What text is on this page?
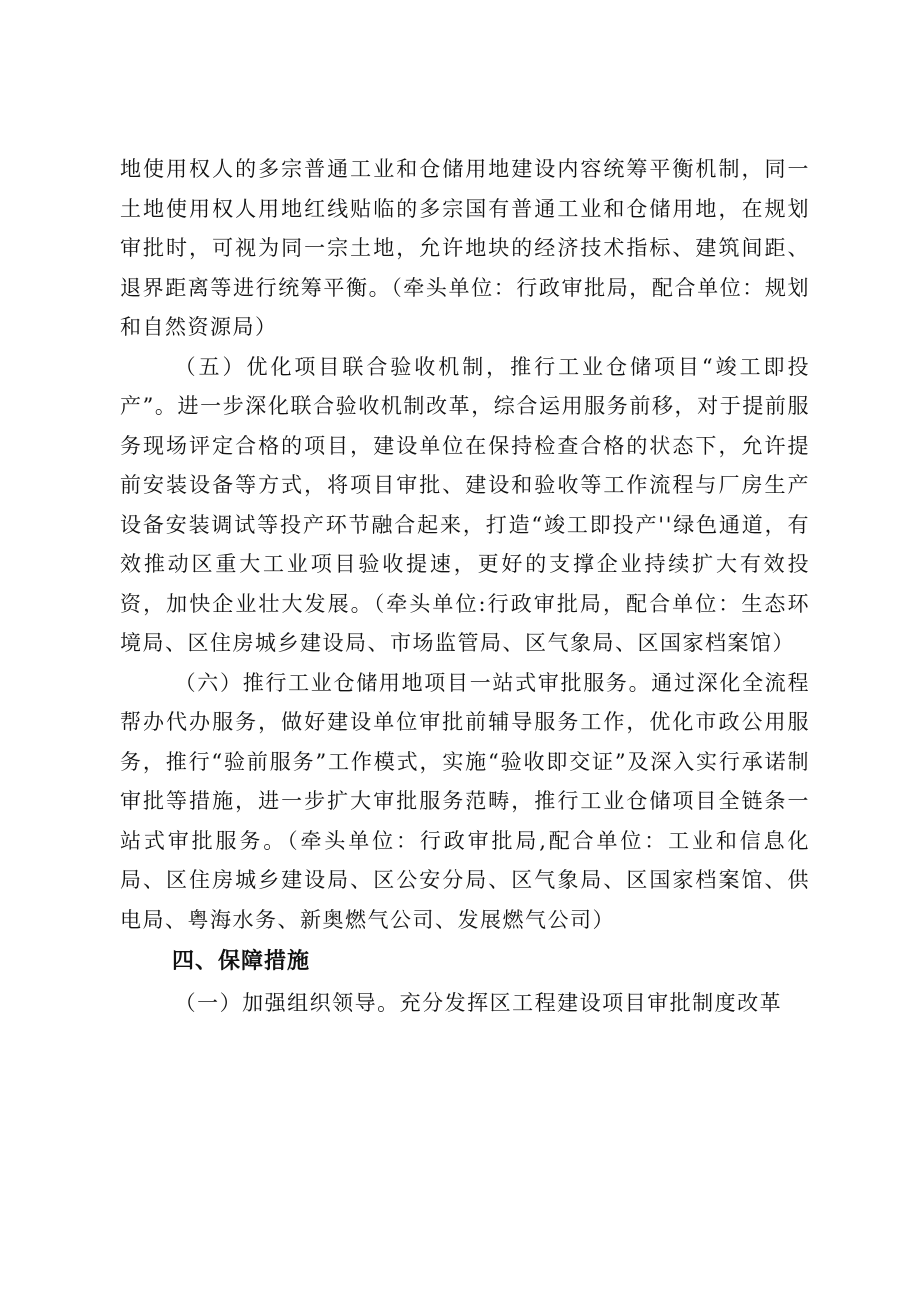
地使用权人的多宗普通工业和仓储用地建设内容统筹平衡机制，同一土地使用权人用地红线贴临的多宗国有普通工业和仓储用地，在规划审批时，可视为同一宗土地，允许地块的经济技术指标、建筑间距、退界距离等进行统筹平衡。（牵头单位：行政审批局，配合单位：规划和自然资源局）

（五）优化项目联合验收机制，推行工业仓储项目“竣工即投产”。进一步深化联合验收机制改革，综合运用服务前移，对于提前服务现场评定合格的项目，建设单位在保持检查合格的状态下，允许提前安装设备等方式，将项目审批、建设和验收等工作流程与厂房生产设备安装调试等投产环节融合起来，打造“竣工即投产''绿色通道，有效推动区重大工业项目验收提速，更好的支撑企业持续扩大有效投资，加快企业壮大发展。（牵头单位:行政审批局，配合单位：生态环境局、区住房城乡建设局、市场监管局、区气象局、区国家档案馆）

（六）推行工业仓储用地项目一站式审批服务。通过深化全流程帮办代办服务，做好建设单位审批前辅导服务工作，优化市政公用服务，推行“验前服务”工作模式，实施“验收即交证”及深入实行承诺制审批等措施，进一步扩大审批服务范畴，推行工业仓储项目全链条一站式审批服务。（牵头单位：行政审批局,配合单位：工业和信息化局、区住房城乡建设局、区公安分局、区气象局、区国家档案馆、供电局、粤海水务、新奥燃气公司、发展燃气公司）

四、保障措施

（一）加强组织领导。充分发挥区工程建设项目审批制度改革
